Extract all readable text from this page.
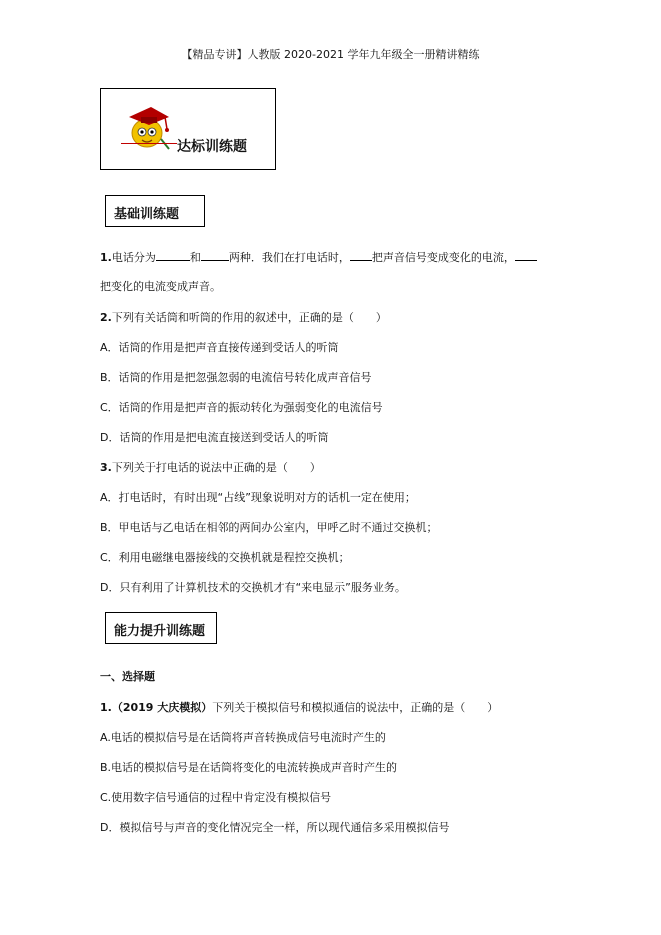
【精品专讲】人教版 2020-2021 学年九年级全一册精讲精练
达标训练题
基础训练题
1.电话分为	和	两种．我们在打电话时， 把声音信号变成变化的电流，
把变化的电流变成声音。
2.下列有关话筒和听筒的作用的叙述中，正确的是（　　）
A．话筒的作用是把声音直接传递到受话人的听筒
B．话筒的作用是把忽强忽弱的电流信号转化成声音信号
C．话筒的作用是把声音的振动转化为强弱变化的电流信号
D．话筒的作用是把电流直接送到受话人的听筒
3.下列关于打电话的说法中正确的是（　　）
A．打电话时，有时出现“占线”现象说明对方的话机一定在使用；
B．甲电话与乙电话在相邻的两间办公室内，甲呼乙时不通过交换机；
C．利用电磁继电器接线的交换机就是程控交换机；
D．只有利用了计算机技术的交换机才有“来电显示”服务业务。
能力提升训练题
一、选择题
1.（2019 大庆模拟）下列关于模拟信号和模拟通信的说法中，正确的是（　　）
A.电话的模拟信号是在话筒将声音转换成信号电流时产生的
B.电话的模拟信号是在话筒将变化的电流转换成声音时产生的
C.使用数字信号通信的过程中肯定没有模拟信号
D．模拟信号与声音的变化情况完全一样，所以现代通信多采用模拟信号
